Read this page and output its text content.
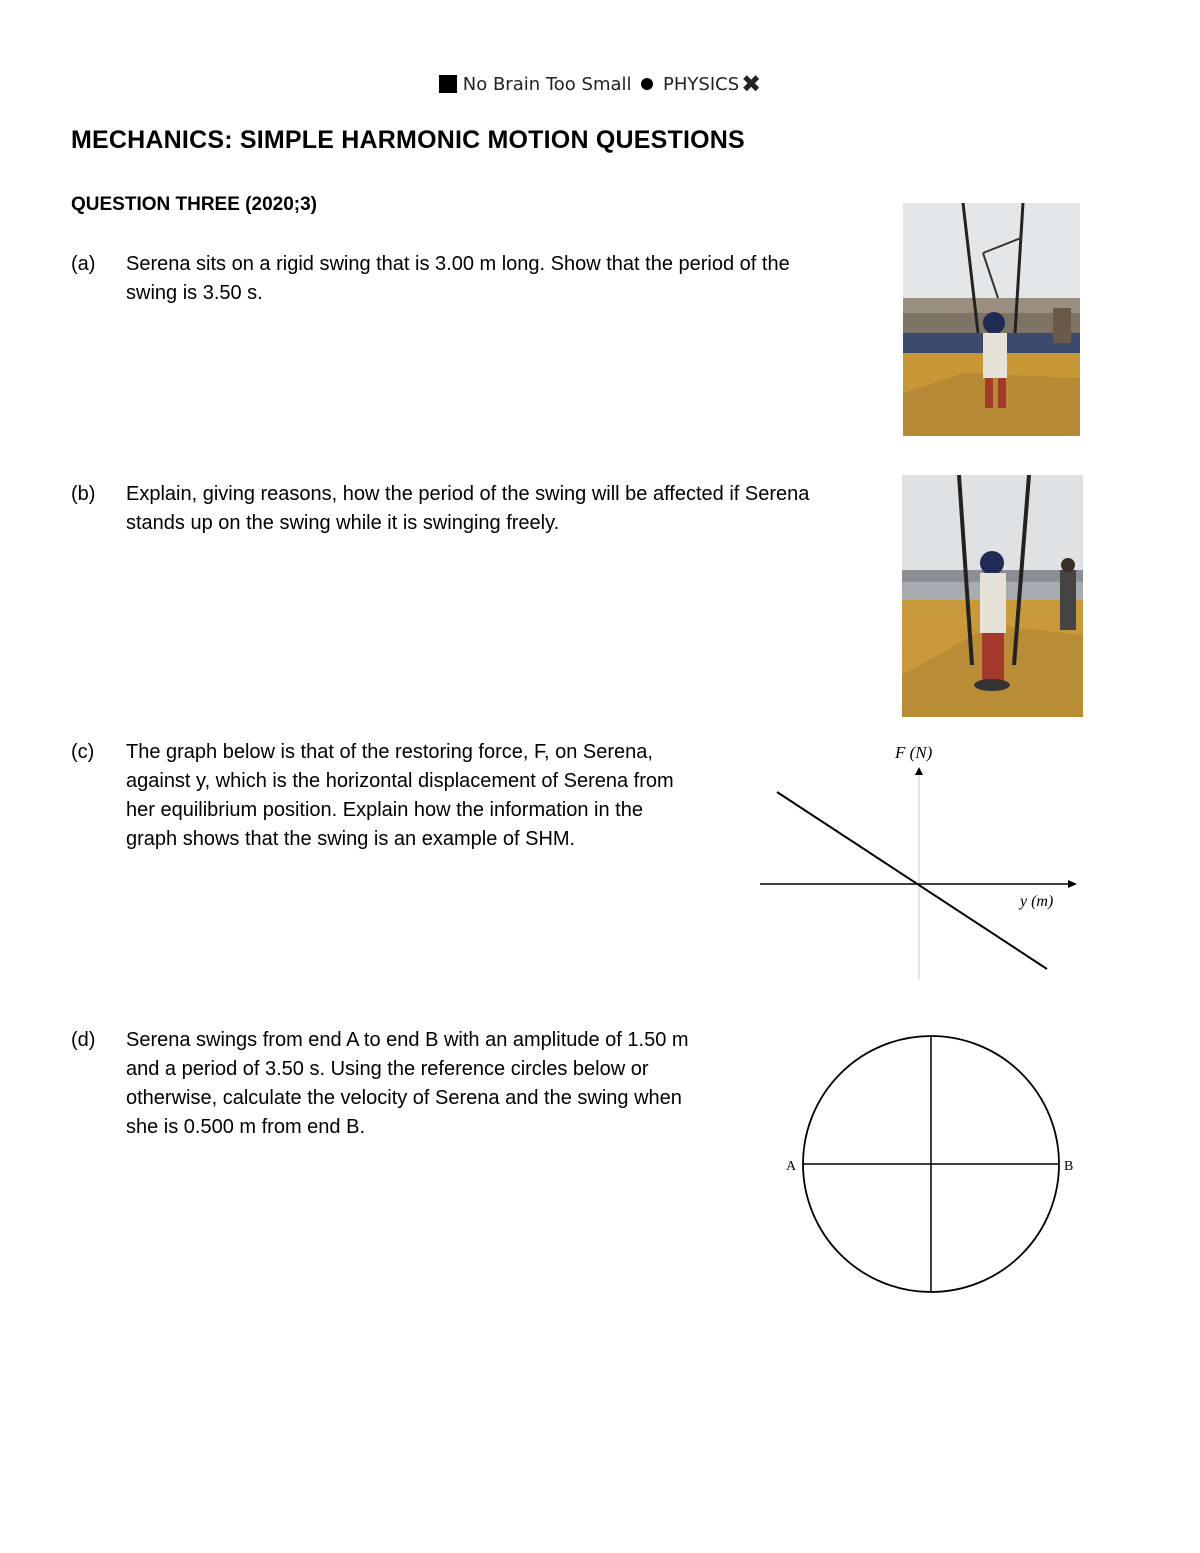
No Brain Too Small PHYSICS✖
MECHANICS: SIMPLE HARMONIC MOTION QUESTIONS
QUESTION THREE (2020;3)
(a) Serena sits on a rigid swing that is 3.00 m long. Show that the period of the
swing is 3.50 s.
(b) Explain, giving reasons, how the period of the swing will be affected if Serena
stands up on the swing while it is swinging freely.
(c) The graph below is that of the restoring force, F, on Serena,
against y, which is the horizontal displacement of Serena from
her equilibrium position. Explain how the information in the
graph shows that the swing is an example of SHM.
(d) Serena swings from end A to end B with an amplitude of 1.50 m
and a period of 3.50 s. Using the reference circles below or
otherwise, calculate the velocity of Serena and the swing when
she is 0.500 m from end B.
F (N)
y (m)
A	B
